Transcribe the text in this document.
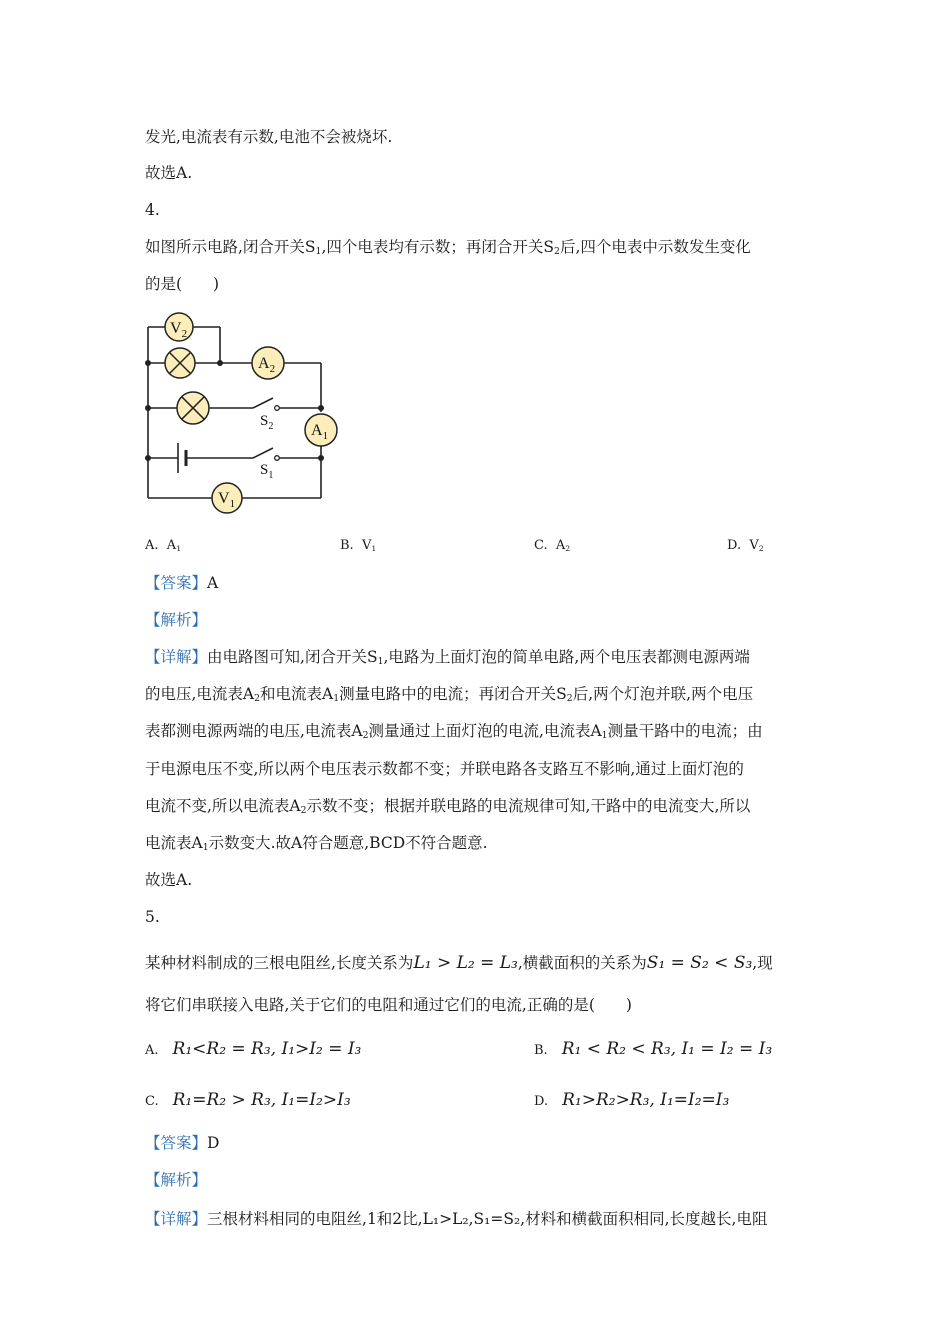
发光,电流表有示数,电池不会被烧坏.
故选A.
4.
如图所示电路,闭合开关$S_1$,四个电表均有示数；再闭合开关$S_2$后,四个电表中示数发生变化
的是(　　)
$V_2$
$A_2$
$A_1$
$V_1$
$S_2$
$S_1$
A. $A_1$	B. $V_1$	C. $A_2$	D. $V_2$
【答案】A
【解析】
【详解】由电路图可知,闭合开关$S_1$,电路为上面灯泡的简单电路,两个电压表都测电源两端
的电压,电流表$A_2$和电流表$A_1$测量电路中的电流；再闭合开关$S_2$后,两个灯泡并联,两个电压
表都测电源两端的电压,电流表$A_2$测量通过上面灯泡的电流,电流表$A_1$测量干路中的电流；由
于电源电压不变,所以两个电压表示数都不变；并联电路各支路互不影响,通过上面灯泡的
电流不变,所以电流表$A_2$示数不变；根据并联电路的电流规律可知,干路中的电流变大,所以
电流表$A_1$示数变大.故A符合题意,BCD不符合题意.
故选A.
5.
某种材料制成的三根电阻丝,长度关系为L₁ > L₂ = L₃,横截面积的关系为S₁ = S₂ < S₃,现
将它们串联接入电路,关于它们的电阻和通过它们的电流,正确的是(　　)
A. R₁<R₂ = R₃, I₁>I₂ = I₃	B. R₁ < R₂ < R₃, I₁ = I₂ = I₃
C. R₁=R₂ > R₃, I₁=I₂>I₃	D. R₁>R₂>R₃, I₁=I₂=I₃
【答案】D
【解析】
【详解】三根材料相同的电阻丝,1和2比,L₁>L₂,S₁=S₂,材料和横截面积相同,长度越长,电阻
